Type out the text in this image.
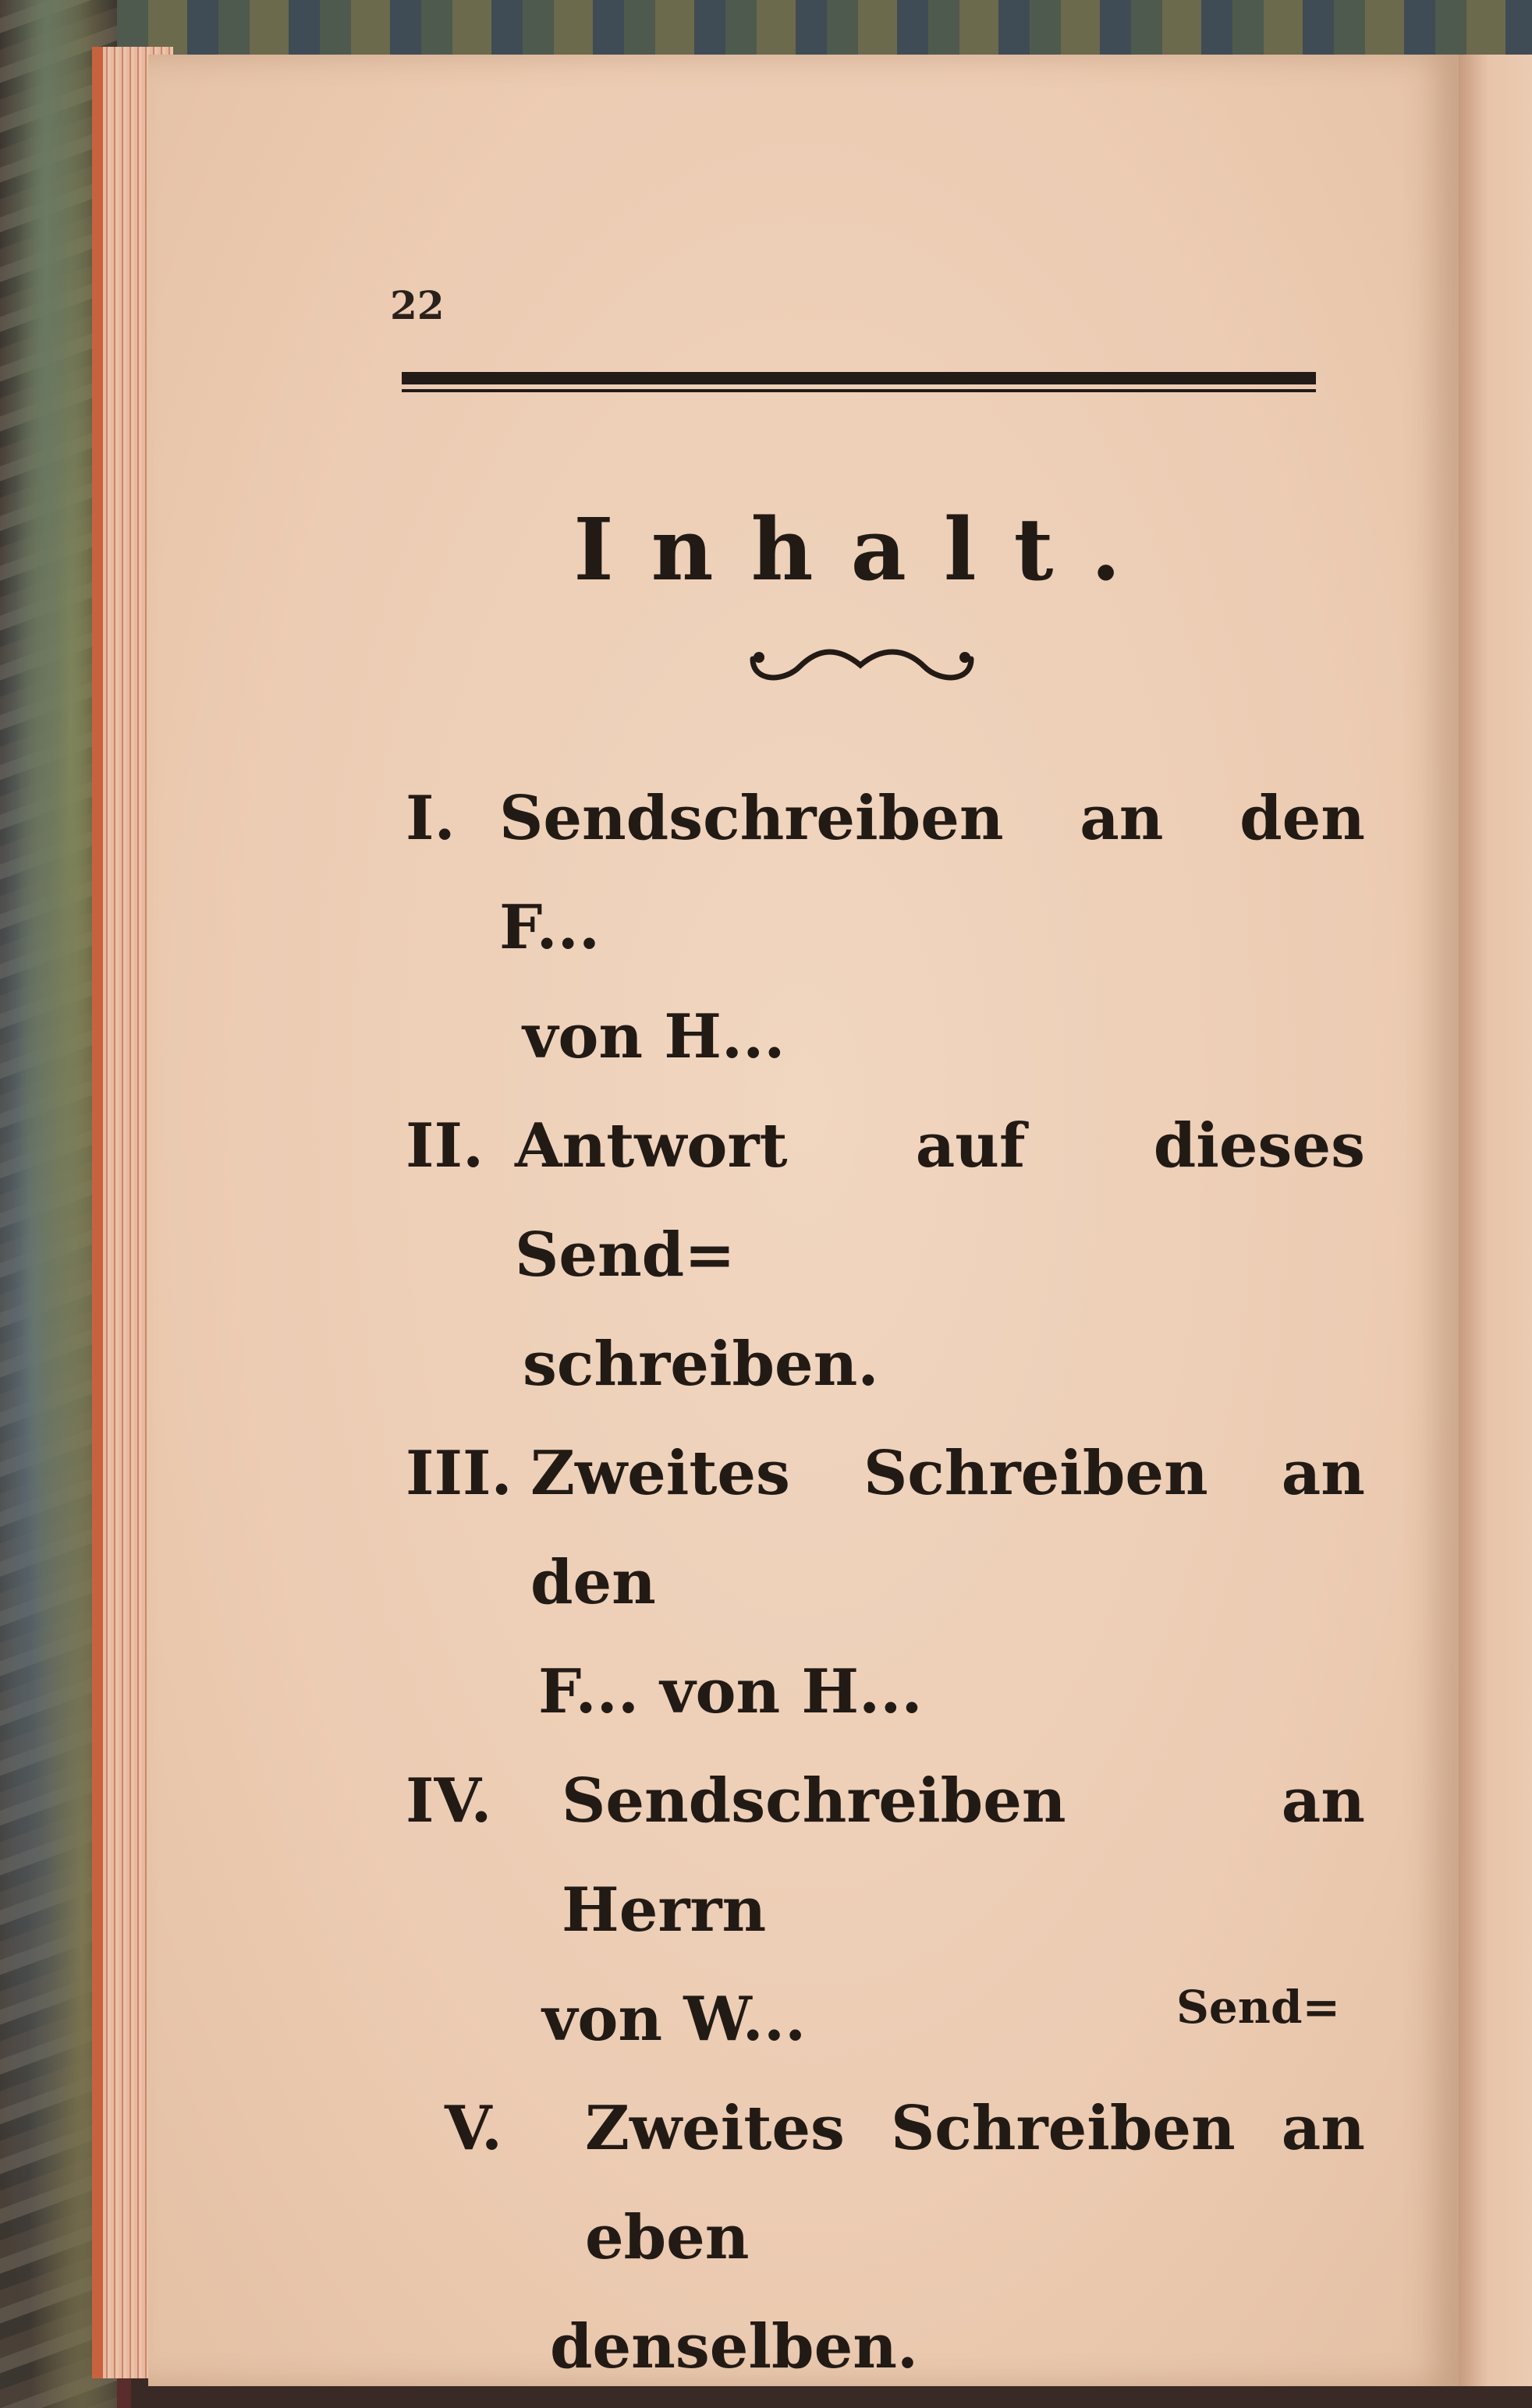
22
Inhalt.
I. Sendschreiben an den F...
von H...
II. Antwort auf dieses Send=
schreiben.
III. Zweites Schreiben an den
F... von H...
IV.	Sendschreiben an Herrn
von W...
V.	Zweites Schreiben an eben
denselben.
Send=
